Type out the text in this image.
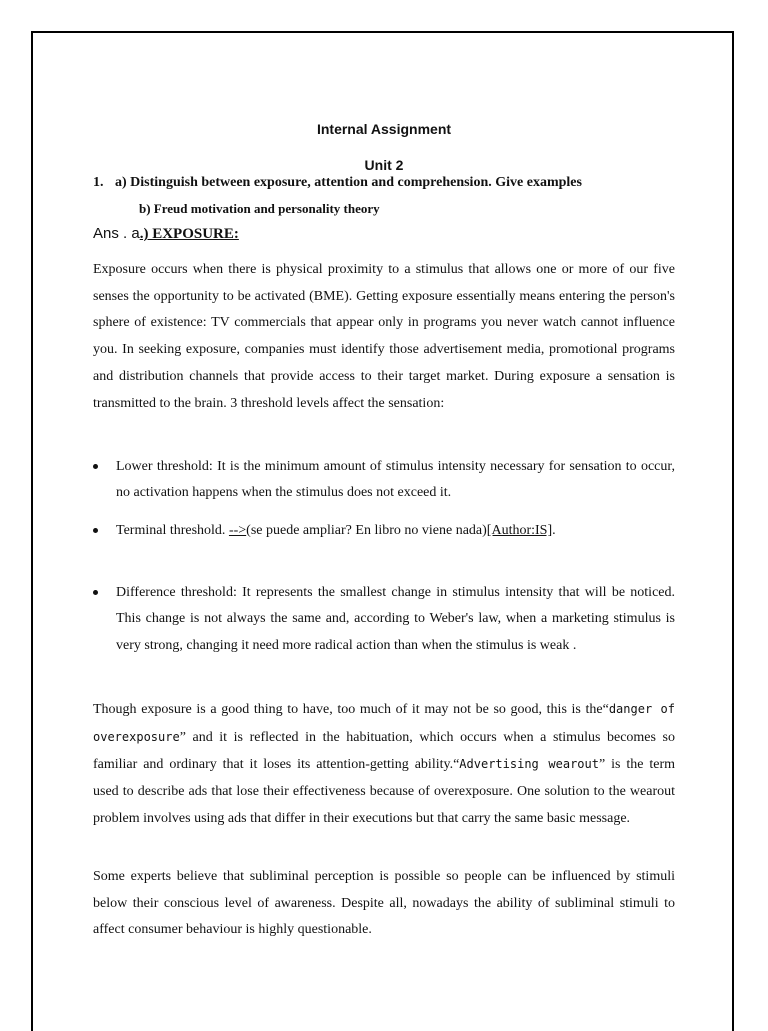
Internal Assignment
Unit 2
1. a) Distinguish between exposure, attention and comprehension. Give examples
b) Freud motivation and personality theory
Ans . a.) EXPOSURE:

Exposure occurs when there is physical proximity to a stimulus that allows one or more of our five senses the opportunity to be activated (BME). Getting exposure essentially means entering the person's sphere of existence: TV commercials that appear only in programs you never watch cannot influence you. In seeking exposure, companies must identify those advertisement media, promotional programs and distribution channels that provide access to their target market. During exposure a sensation is transmitted to the brain. 3 threshold levels affect the sensation:

Lower threshold: It is the minimum amount of stimulus intensity necessary for sensation to occur, no activation happens when the stimulus does not exceed it.
Terminal threshold. -->(se puede ampliar? En libro no viene nada)[Author:IS].
Difference threshold: It represents the smallest change in stimulus intensity that will be noticed. This change is not always the same and, according to Weber's law, when a marketing stimulus is very strong, changing it need more radical action than when the stimulus is weak .

Though exposure is a good thing to have, too much of it may not be so good, this is the“danger of overexposure” and it is reflected in the habituation, which occurs when a stimulus becomes so familiar and ordinary that it loses its attention-getting ability.“Advertising wearout” is the term used to describe ads that lose their effectiveness because of overexposure. One solution to the wearout problem involves using ads that differ in their executions but that carry the same basic message.

Some experts believe that subliminal perception is possible so people can be influenced by stimuli below their conscious level of awareness. Despite all, nowadays the ability of subliminal stimuli to affect consumer behaviour is highly questionable.
